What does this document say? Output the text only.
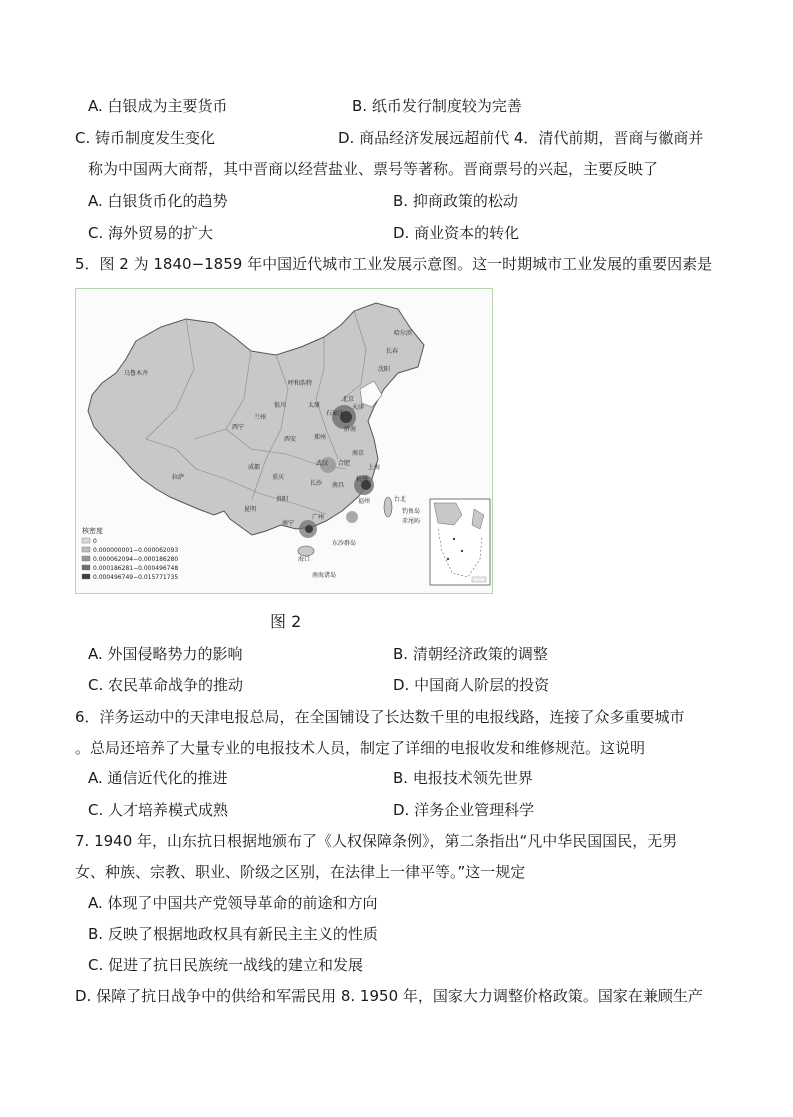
A. 白银成为主要货币	B. 纸币发行制度较为完善
C. 铸币制度发生变化	D. 商品经济发展远超前代 4．清代前期，晋商与徽商并
称为中国两大商帮，其中晋商以经营盐业、票号等著称。晋商票号的兴起，主要反映了
A. 白银货币化的趋势	B. 抑商政策的松动
C. 海外贸易的扩大	D. 商业资本的转化
5．图 2 为 1840−1859 年中国近代城市工业发展示意图。这一时期城市工业发展的重要因素是
乌鲁木齐
呼和浩特
北京
天津
太原
石家庄
济南
西宁
兰州
银川
西安	郑州
南京
上海
合肥
武汉
杭州
拉萨
成都
重庆
长沙 南昌
福州
贵阳
昆明
南宁
广州
台北
海口
沈阳
长春
哈尔滨
钓鱼岛
赤尾屿
东沙群岛
南海诸岛
核密度
0
0.000000001−0.000062093
0.000062094−0.000186280
0.000186281−0.000496748
0.000496749−0.015771735
图 2
A. 外国侵略势力的影响	B. 清朝经济政策的调整
C. 农民革命战争的推动	D. 中国商人阶层的投资
6．洋务运动中的天津电报总局，在全国铺设了长达数千里的电报线路，连接了众多重要城市
。总局还培养了大量专业的电报技术人员，制定了详细的电报收发和维修规范。这说明
A. 通信近代化的推进	B. 电报技术领先世界
C. 人才培养模式成熟	D. 洋务企业管理科学
7. 1940 年，山东抗日根据地颁布了《人权保障条例》，第二条指出“凡中华民国国民，无男
女、种族、宗教、职业、阶级之区别，在法律上一律平等。”这一规定
A. 体现了中国共产党领导革命的前途和方向
B. 反映了根据地政权具有新民主主义的性质
C. 促进了抗日民族统一战线的建立和发展
D. 保障了抗日战争中的供给和军需民用 8. 1950 年，国家大力调整价格政策。国家在兼顾生产
